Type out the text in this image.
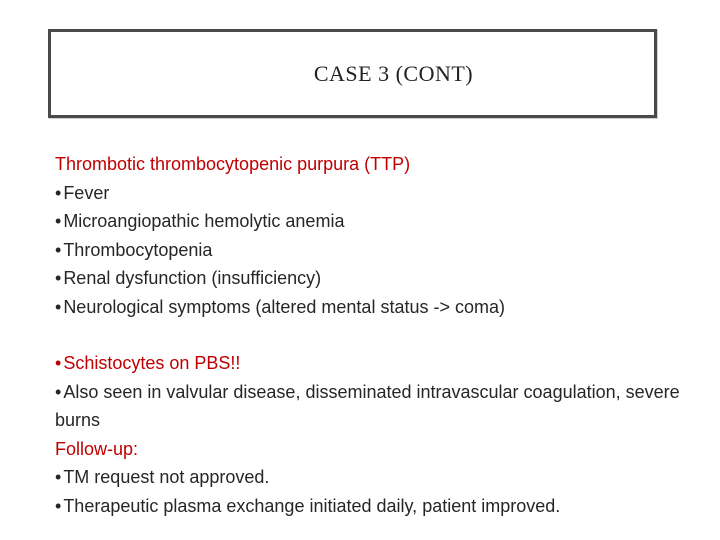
CASE 3 (CONT)

Thrombotic thrombocytopenic purpura (TTP)

• Fever

• Microangiopathic hemolytic anemia

• Thrombocytopenia

• Renal dysfunction (insufficiency)

• Neurological symptoms (altered mental status -> coma)

• Schistocytes on PBS!!

• Also seen in valvular disease, disseminated intravascular coagulation, severe burns

Follow-up:

• TM request not approved.

• Therapeutic plasma exchange initiated daily, patient improved.
